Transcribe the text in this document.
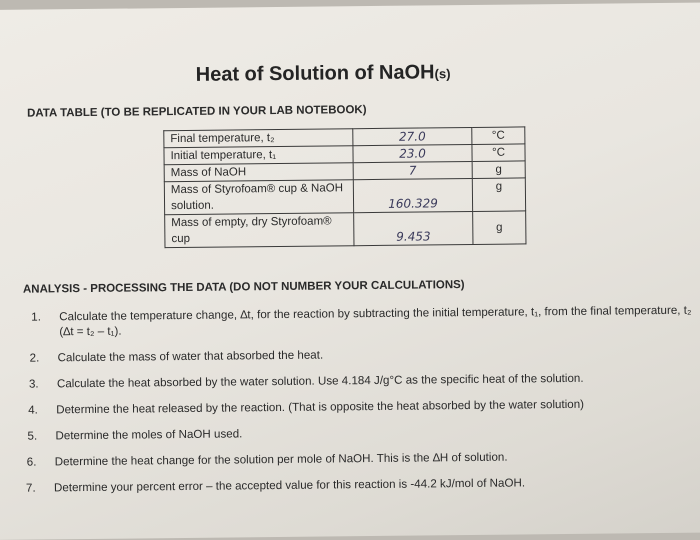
Heat of Solution of NaOH(s)
DATA TABLE (TO BE REPLICATED IN YOUR LAB NOTEBOOK)
Final temperature, t₂	27.0	°C
Initial temperature, t₁	23.0	°C
Mass of NaOH	7	g
Mass of Styrofoam® cup & NaOH solution.	160.329	g
Mass of empty, dry Styrofoam® cup	9.453	g
ANALYSIS - PROCESSING THE DATA (DO NOT NUMBER YOUR CALCULATIONS)
1.	Calculate the temperature change, ∆t, for the reaction by subtracting the initial temperature, t₁, from the final temperature, t₂ (∆t = t₂ – t₁).
2.	Calculate the mass of water that absorbed the heat.
3.	Calculate the heat absorbed by the water solution. Use 4.184 J/g°C as the specific heat of the solution.
4.	Determine the heat released by the reaction. (That is opposite the heat absorbed by the water solution)
5.	Determine the moles of NaOH used.
6.	Determine the heat change for the solution per mole of NaOH. This is the ∆H of solution.
7.	Determine your percent error – the accepted value for this reaction is -44.2 kJ/mol of NaOH.
